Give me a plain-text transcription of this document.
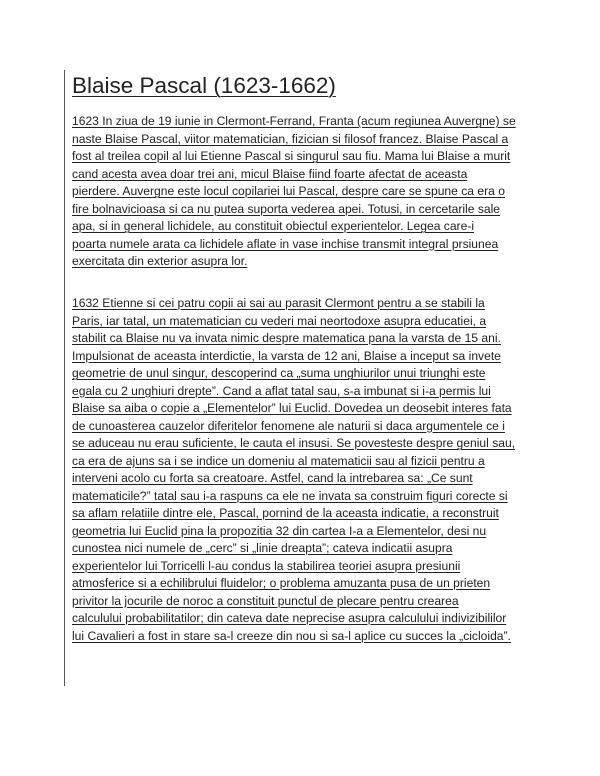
Blaise Pascal (1623-1662)
1623 In ziua de 19 iunie in Clermont-Ferrand, Franta (acum regiunea Auvergne) se
naste Blaise Pascal, viitor matematician, fizician si filosof francez. Blaise Pascal a
fost al treilea copil al lui Etienne Pascal si singurul sau fiu. Mama lui Blaise a murit
cand acesta avea doar trei ani, micul Blaise fiind foarte afectat de aceasta
pierdere. Auvergne este locul copilariei lui Pascal, despre care se spune ca era o
fire bolnavicioasa si ca nu putea suporta vederea apei. Totusi, in cercetarile sale
apa, si in general lichidele, au constituit obiectul experientelor. Legea care-i
poarta numele arata ca lichidele aflate in vase inchise transmit integral prsiunea
exercitata din exterior asupra lor.
1632 Etienne si cei patru copii ai sai au parasit Clermont pentru a se stabili la
Paris, iar tatal, un matematician cu vederi mai neortodoxe asupra educatiei, a
stabilit ca Blaise nu va invata nimic despre matematica pana la varsta de 15 ani.
Impulsionat de aceasta interdictie, la varsta de 12 ani, Blaise a inceput sa invete
geometrie de unul singur, descoperind ca „suma unghiurilor unui triunghi este
egala cu 2 unghiuri drepte”. Cand a aflat tatal sau, s-a imbunat si i-a permis lui
Blaise sa aiba o copie a „Elementelor” lui Euclid. Dovedea un deosebit interes fata
de cunoasterea cauzelor diferitelor fenomene ale naturii si daca argumentele ce i
se aduceau nu erau suficiente, le cauta el insusi. Se povesteste despre geniul sau,
ca era de ajuns sa i se indice un domeniu al matematicii sau al fizicii pentru a
interveni acolo cu forta sa creatoare. Astfel, cand la intrebarea sa: „Ce sunt
matematicile?” tatal sau i-a raspuns ca ele ne invata sa construim figuri corecte si
sa aflam relatiile dintre ele, Pascal, pornind de la aceasta indicatie, a reconstruit
geometria lui Euclid pina la propozitia 32 din cartea I-a a Elementelor, desi nu
cunostea nici numele de „cerc” si „linie dreapta”; cateva indicatii asupra
experientelor lui Torricelli l-au condus la stabilirea teoriei asupra presiunii
atmosferice si a echilibrului fluidelor; o problema amuzanta pusa de un prieten
privitor la jocurile de noroc a constituit punctul de plecare pentru crearea
calculului probabilitatilor; din cateva date neprecise asupra calculului indivizibililor
lui Cavalieri a fost in stare sa-l creeze din nou si sa-l aplice cu succes la „cicloida”.
